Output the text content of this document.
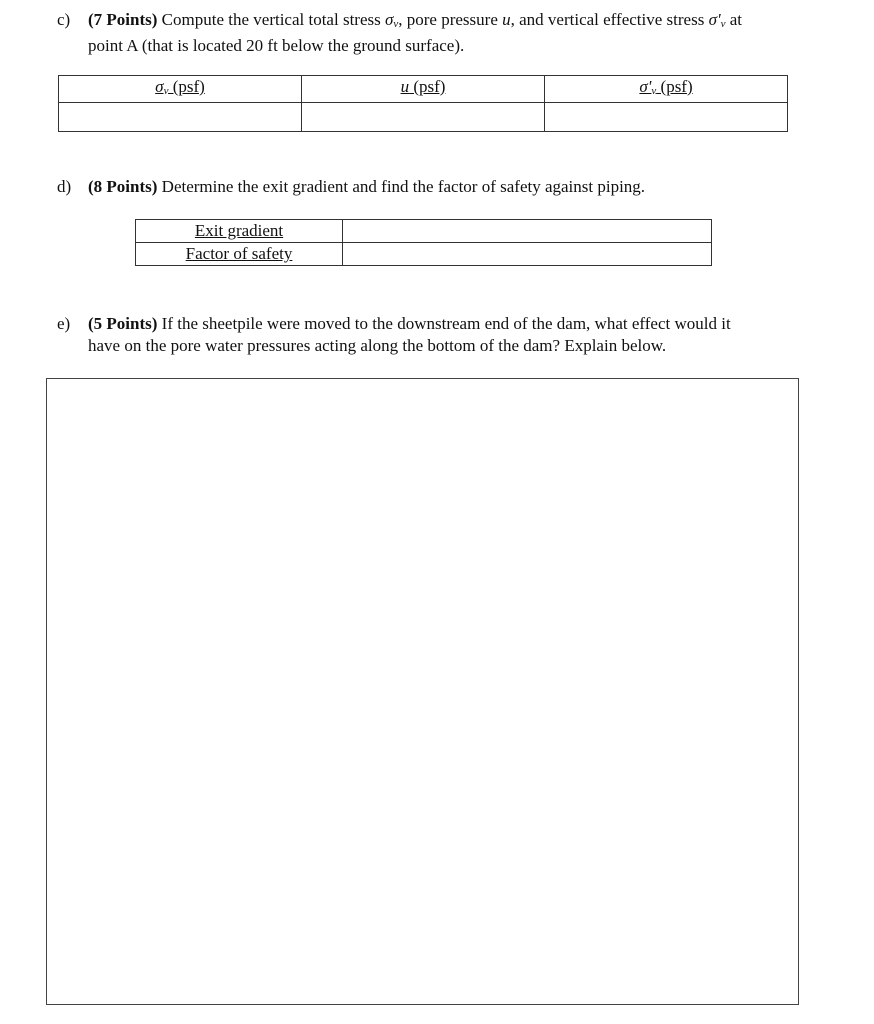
c) (7 Points) Compute the vertical total stress $\sigma_v$, pore pressure u, and vertical effective stress $\sigma'_v$ at
point A (that is located 20 ft below the ground surface).
$\sigma_v$ (psf)	u (psf)	$\sigma'_v$ (psf)

d) (8 Points) Determine the exit gradient and find the factor of safety against piping.
Exit gradient	
Factor of safety	
e) (5 Points) If the sheetpile were moved to the downstream end of the dam, what effect would it
have on the pore water pressures acting along the bottom of the dam? Explain below.
